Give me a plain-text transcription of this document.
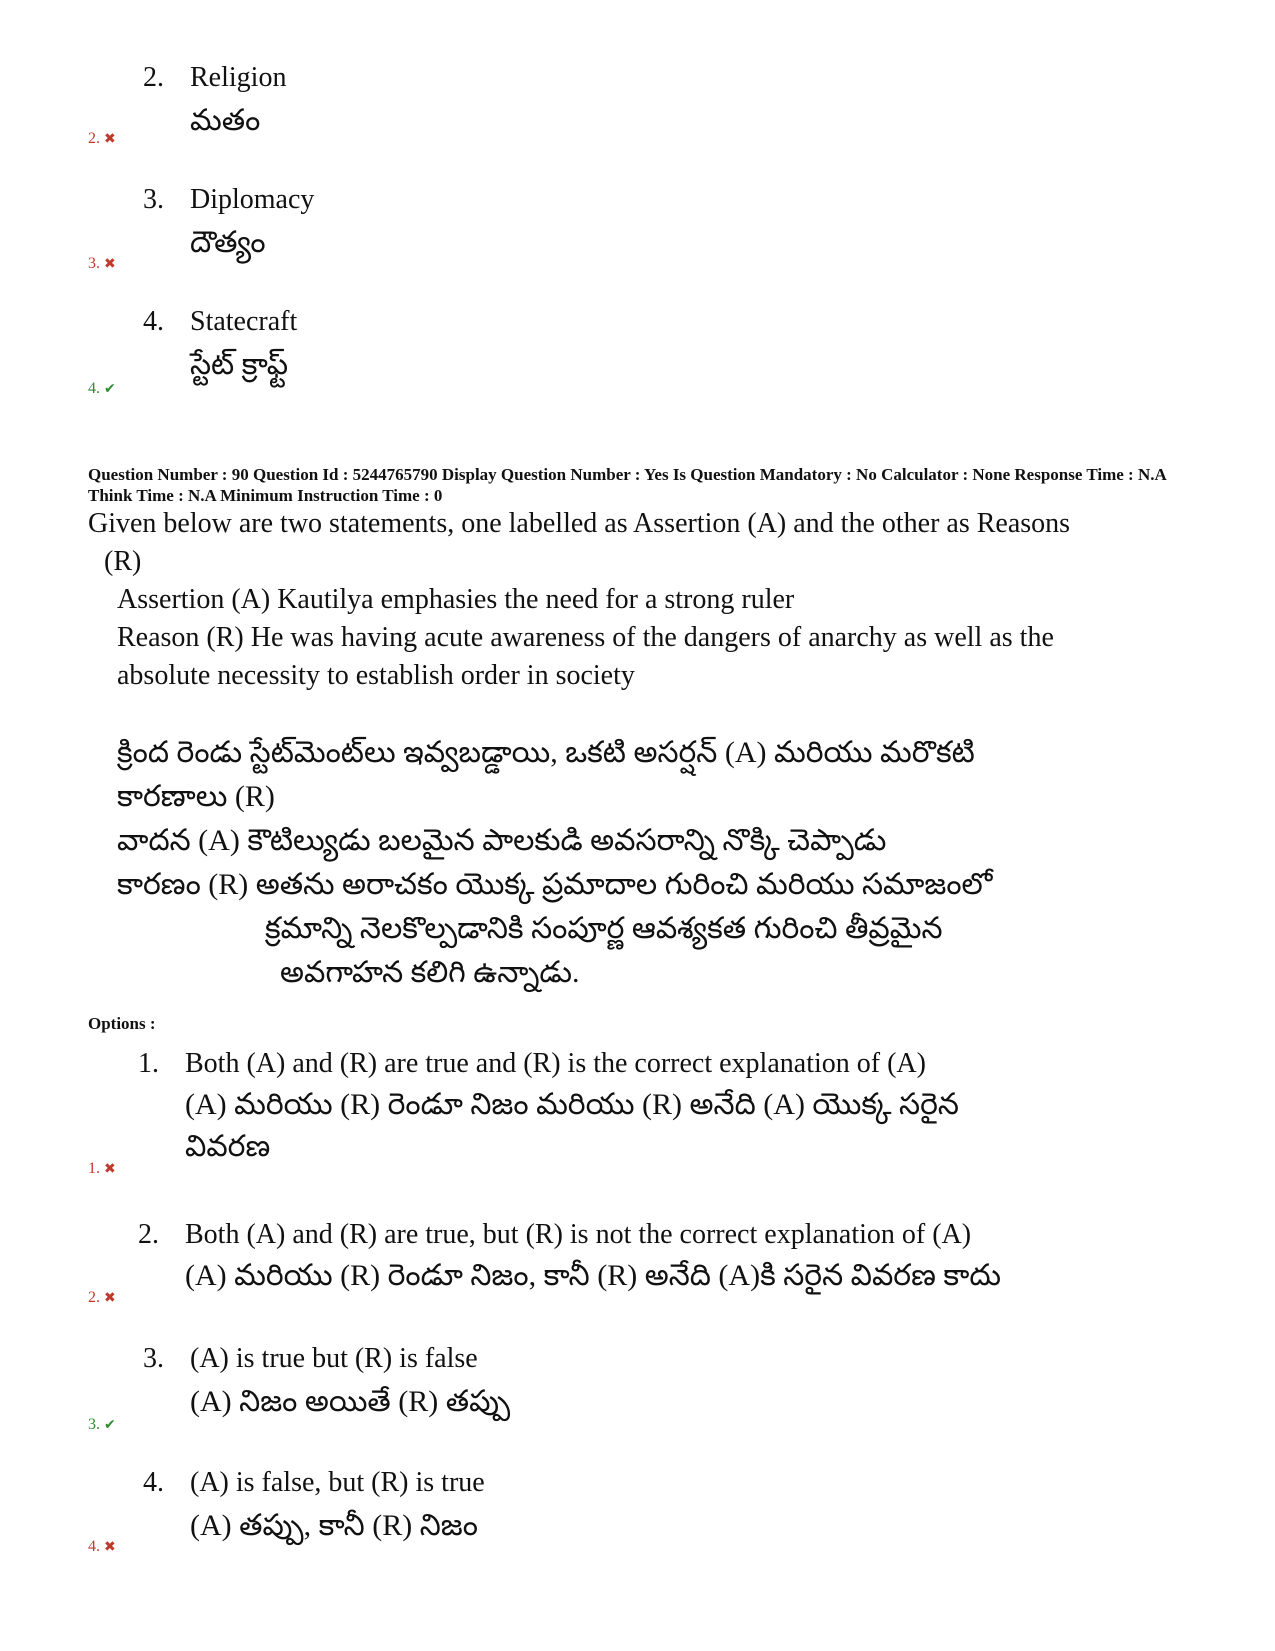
2. Religion
మతం
2. ✖
3. Diplomacy
దౌత్యం
3. ✖
4. Statecraft
స్టేట్ క్రాఫ్ట్
4. ✔
Question Number : 90 Question Id : 5244765790 Display Question Number : Yes Is Question Mandatory : No Calculator : None Response Time : N.A Think Time : N.A Minimum Instruction Time : 0
Given below are two statements, one labelled as Assertion (A) and the other as Reasons
(R)
Assertion (A) Kautilya emphasies the need for a strong ruler
Reason (R) He was having acute awareness of the dangers of anarchy as well as the
absolute necessity to establish order in society
క్రింద రెండు స్టేట్‌మెంట్‌లు ఇవ్వబడ్డాయి, ఒకటి అసర్షన్ (A) మరియు మరొకటి
కారణాలు (R)
వాదన (A) కౌటిల్యుడు బలమైన పాలకుడి అవసరాన్ని నొక్కి చెప్పాడు
కారణం (R) అతను అరాచకం యొక్క ప్రమాదాల గురించి మరియు సమాజంలో
క్రమాన్ని నెలకొల్పడానికి సంపూర్ణ ఆవశ్యకత గురించి తీవ్రమైన
అవగాహన కలిగి ఉన్నాడు.
Options :
1. Both (A) and (R) are true and (R) is the correct explanation of (A)
(A) మరియు (R) రెండూ నిజం మరియు (R) అనేది (A) యొక్క సరైన
వివరణ
1. ✖
2. Both (A) and (R) are true, but (R) is not the correct explanation of (A)
(A) మరియు (R) రెండూ నిజం, కానీ (R) అనేది (A)కి సరైన వివరణ కాదు
2. ✖
3. (A) is true but (R) is false
(A) నిజం అయితే (R) తప్పు
3. ✔
4. (A) is false, but (R) is true
(A) తప్పు, కానీ (R) నిజం
4. ✖
